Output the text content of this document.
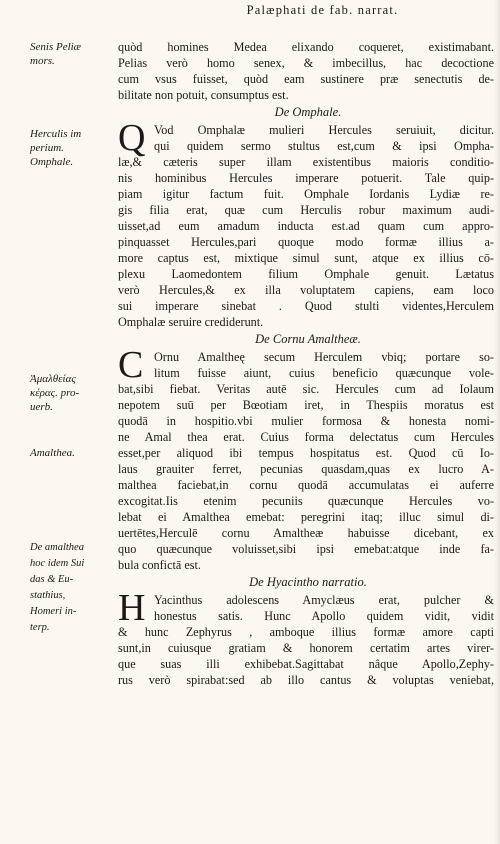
Palæphati de fab. narrat.
Senis Peliæ
mors.
Herculis im
perium.
Omphale.
Ἀμαλθείας
κέρας. pro-
uerb.
Amalthea.
De amalthea
hoc idem Sui
das & Eu-
stathius,
Homeri in-
terp.
quòd homines Medea elixando coqueret, existimabant.
Pelias verò homo senex, & imbecillus, hac decoctione
cum vsus fuisset, quòd eam sustinere præ senectutis de-
bilitate non potuit, consumptus est.
De Omphale.
Q Vod Omphalæ mulieri Hercules seruiuit, dicitur.
qui quidem sermo stultus est,cum & ipsi Ompha-
læ,& cæteris super illam existentibus maioris conditio-
nis hominibus Hercules imperare potuerit. Tale quip-
piam igitur factum fuit. Omphale Iordanis Lydiæ re-
gis filia erat, quæ cum Herculis robur maximum audi-
uisset,ad eum amadum inducta est.ad quam cum appro-
pinquasset Hercules,pari quoque modo formæ illius a-
more captus est, mixtique simul sunt, atque ex illius cō-
plexu Laomedontem filium Omphale genuit. Lætatus
verò Hercules,& ex illa voluptatem capiens, eam loco
sui imperare sinebat . Quod stulti videntes,Herculem
Omphalæ seruire crediderunt.
De Cornu Amaltheæ.
C Ornu Amaltheę secum Herculem vbiq; portare so-
litum fuisse aiunt, cuius beneficio quæcunque vole-
bat,sibi fiebat. Veritas autē sic. Hercules cum ad Iolaum
nepotem suū per Bœotiam iret, in Thespiis moratus est
quodā in hospitio.vbi mulier formosa & honesta nomi-
ne Amal thea erat. Cuius forma delectatus cum Hercules
esset,per aliquod ibi tempus hospitatus est. Quod cū Io-
laus grauiter ferret, pecunias quasdam,quas ex lucro A-
malthea faciebat,in cornu quodā accumulatas ei auferre
excogitat.Iis etenim pecuniis quæcunque Hercules vo-
lebat ei Amalthea emebat: peregrini itaq; illuc simul di-
uertētes,Herculē cornu Amaltheæ habuisse dicebant, ex
quo quæcunque voluisset,sibi ipsi emebat:atque inde fa-
bula confictā est.
De Hyacintho narratio.
H Yacinthus adolescens Amyclæus erat, pulcher &
honestus satis. Hunc Apollo quidem vidit, vidit
& hunc Zephyrus , amboque illius formæ amore capti
sunt,in cuiusque gratiam & honorem certatim artes virer-
que suas illi exhibebat.Sagittabat nâque Apollo,Zephy-
rus verò spirabat:sed ab illo cantus & voluptas veniebat,
